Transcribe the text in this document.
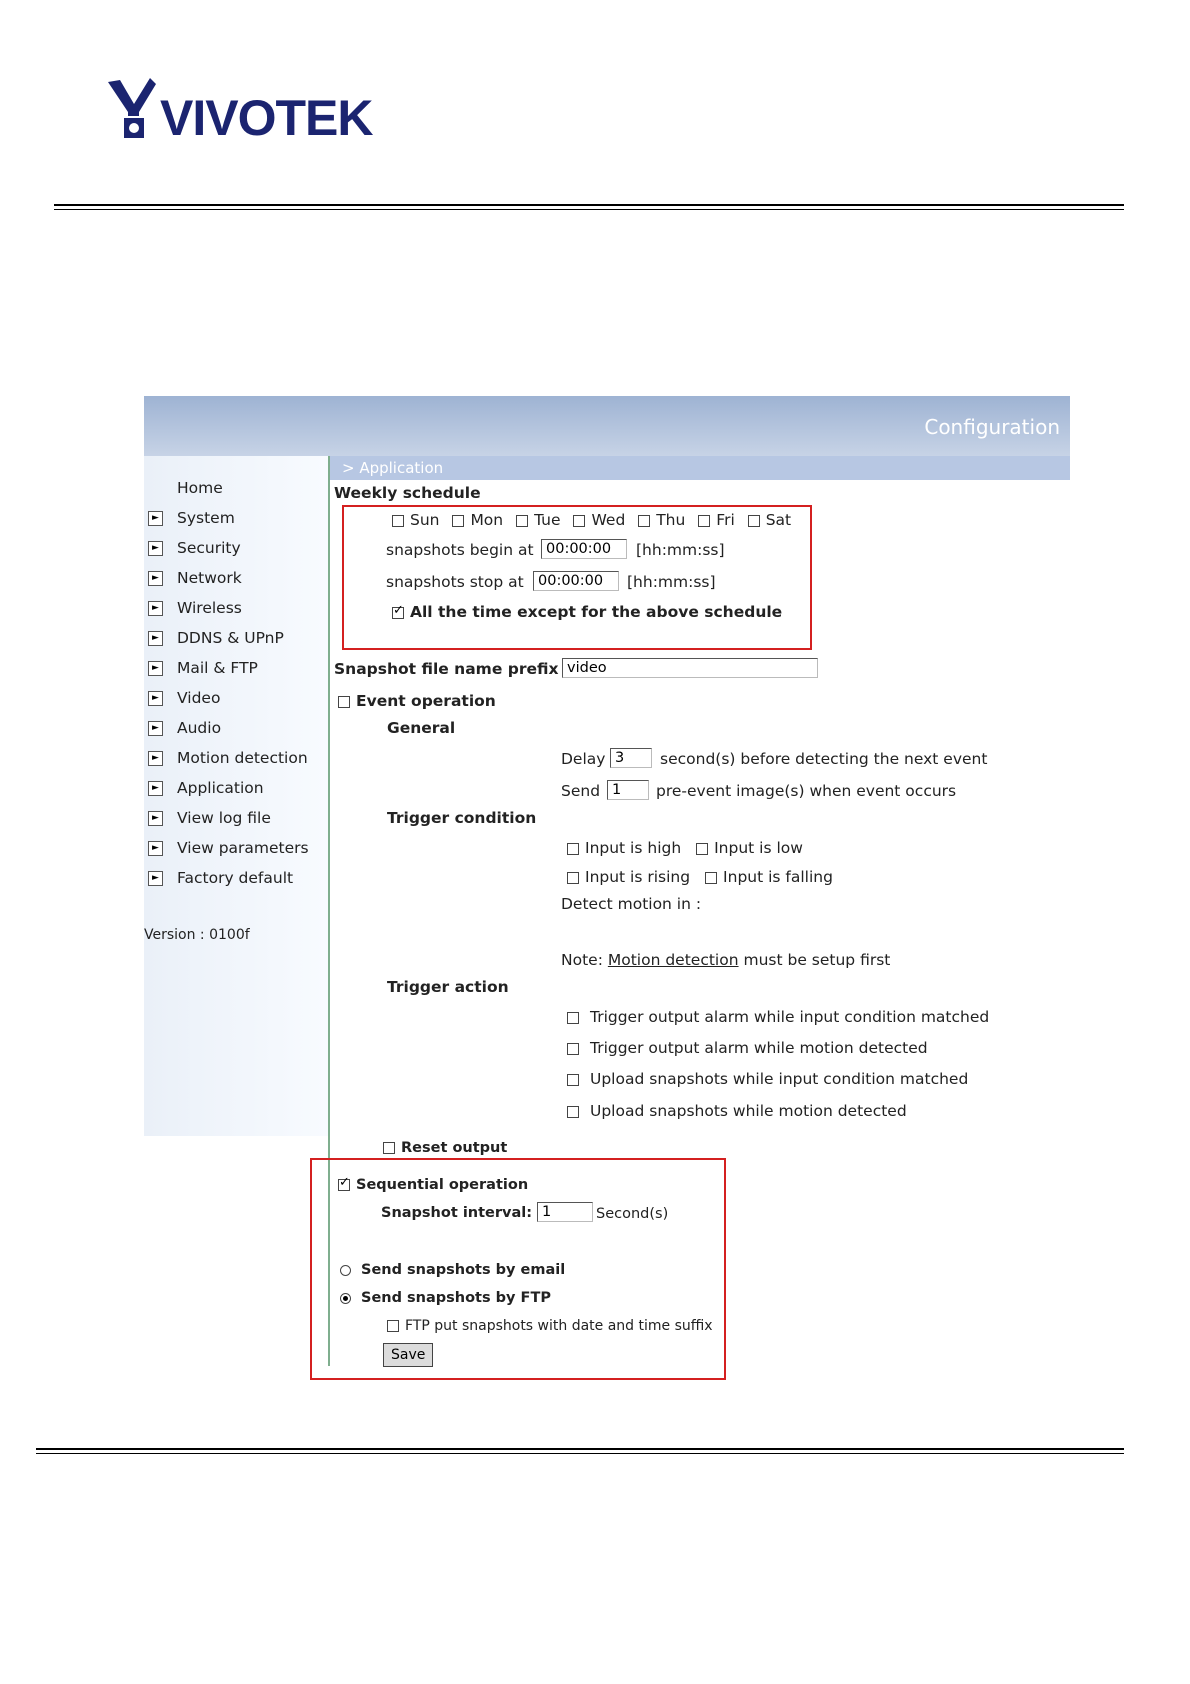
VIVOTEK
Configuration
> Application
Home
► System
► Security
► Network
► Wireless
► DDNS & UPnP
► Mail & FTP
► Video
► Audio
► Motion detection
► Application
► View log file
► View parameters
► Factory default
Version : 0100f
Weekly schedule
Sun Mon Tue Wed Thu Fri Sat
snapshots begin at 00:00:00	[hh:mm:ss]
snapshots stop at 00:00:00	[hh:mm:ss]
✓All the time except for the above schedule
Snapshot file name prefix video
Event operation
General
Delay 3	second(s) before detecting the next event
Send 1	pre-event image(s) when event occurs
Trigger condition
Input is high Input is low
Input is rising Input is falling
Detect motion in :
Note: Motion detection must be setup first
Trigger action
Trigger output alarm while input condition matched
Trigger output alarm while motion detected
Upload snapshots while input condition matched
Upload snapshots while motion detected
Reset output
✓Sequential operation
Snapshot interval: 1	Second(s)
Send snapshots by email
Send snapshots by FTP
FTP put snapshots with date and time suffix
Save
